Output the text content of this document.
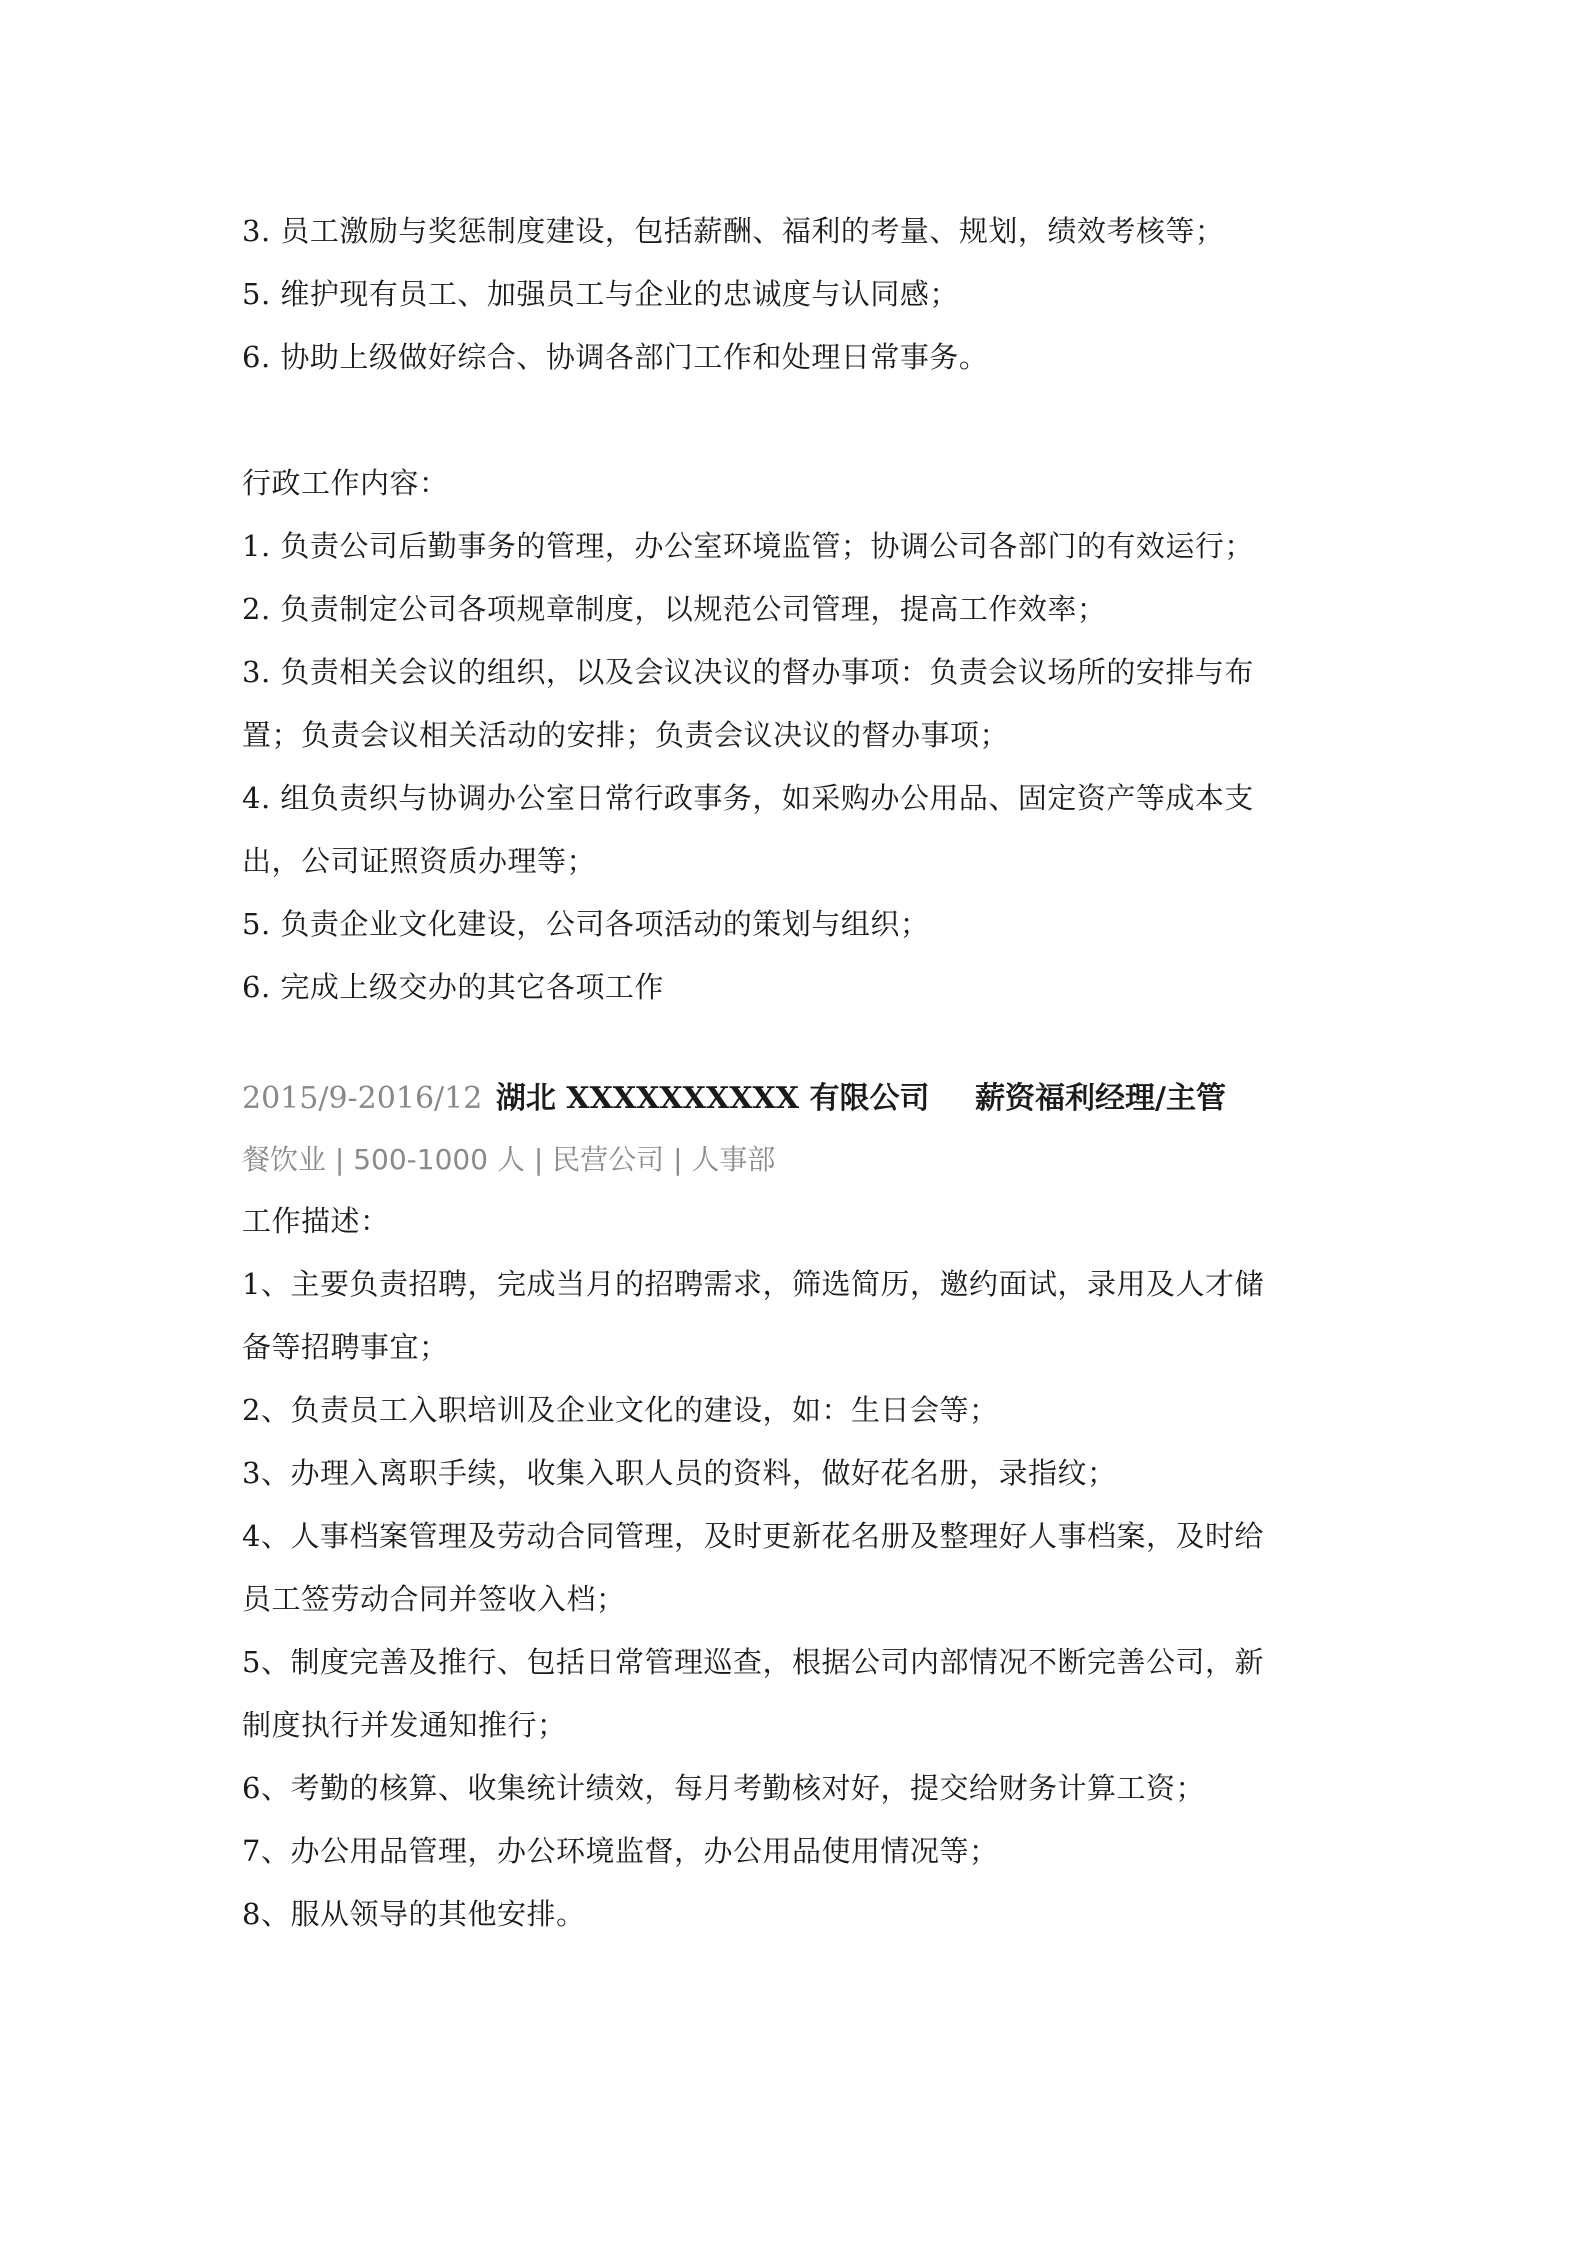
3. 员工激励与奖惩制度建设，包括薪酬、福利的考量、规划，绩效考核等；
5. 维护现有员工、加强员工与企业的忠诚度与认同感；
6. 协助上级做好综合、协调各部门工作和处理日常事务。
行政工作内容：
1. 负责公司后勤事务的管理，办公室环境监管；协调公司各部门的有效运行；
2. 负责制定公司各项规章制度，以规范公司管理，提高工作效率；
3. 负责相关会议的组织，以及会议决议的督办事项：负责会议场所的安排与布
置；负责会议相关活动的安排；负责会议决议的督办事项；
4. 组负责织与协调办公室日常行政事务，如采购办公用品、固定资产等成本支
出，公司证照资质办理等；
5. 负责企业文化建设，公司各项活动的策划与组织；
6. 完成上级交办的其它各项工作
2015/9-2016/12 湖北 XXXXXXXXXX 有限公司 薪资福利经理/主管
餐饮业 | 500-1000 人 | 民营公司 | 人事部
工作描述：
1、主要负责招聘，完成当月的招聘需求，筛选简历，邀约面试，录用及人才储
备等招聘事宜；
2、负责员工入职培训及企业文化的建设，如：生日会等；
3、办理入离职手续，收集入职人员的资料，做好花名册，录指纹；
4、人事档案管理及劳动合同管理，及时更新花名册及整理好人事档案，及时给
员工签劳动合同并签收入档；
5、制度完善及推行、包括日常管理巡查，根据公司内部情况不断完善公司，新
制度执行并发通知推行；
6、考勤的核算、收集统计绩效，每月考勤核对好，提交给财务计算工资；
7、办公用品管理，办公环境监督，办公用品使用情况等；
8、服从领导的其他安排。
